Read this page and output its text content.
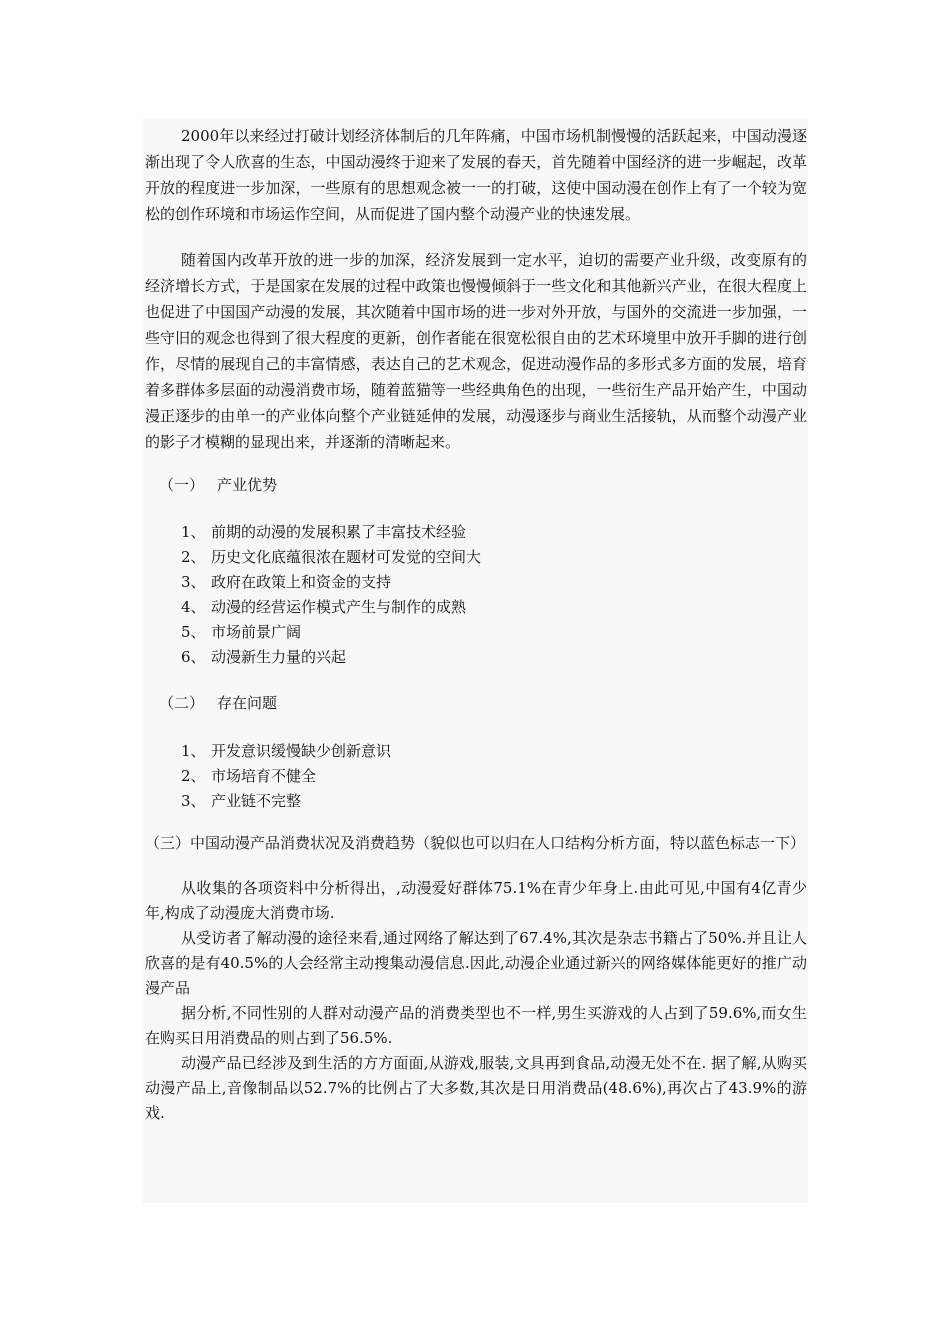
2000年以来经过打破计划经济体制后的几年阵痛，中国市场机制慢慢的活跃起来，中国动漫逐渐出现了令人欣喜的生态，中国动漫终于迎来了发展的春天，首先随着中国经济的进一步崛起，改革开放的程度进一步加深，一些原有的思想观念被一一的打破，这使中国动漫在创作上有了一个较为宽松的创作环境和市场运作空间，从而促进了国内整个动漫产业的快速发展。

随着国内改革开放的进一步的加深，经济发展到一定水平，迫切的需要产业升级，改变原有的经济增长方式，于是国家在发展的过程中政策也慢慢倾斜于一些文化和其他新兴产业，在很大程度上也促进了中国国产动漫的发展，其次随着中国市场的进一步对外开放，与国外的交流进一步加强，一些守旧的观念也得到了很大程度的更新，创作者能在很宽松很自由的艺术环境里中放开手脚的进行创作，尽情的展现自己的丰富情感，表达自己的艺术观念，促进动漫作品的多形式多方面的发展，培育着多群体多层面的动漫消费市场，随着蓝猫等一些经典角色的出现，一些衍生产品开始产生，中国动漫正逐步的由单一的产业体向整个产业链延伸的发展，动漫逐步与商业生活接轨，从而整个动漫产业的影子才模糊的显现出来，并逐渐的清晰起来。

（一） 产业优势
1、 前期的动漫的发展积累了丰富技术经验
2、 历史文化底蕴很浓在题材可发觉的空间大
3、 政府在政策上和资金的支持
4、 动漫的经营运作模式产生与制作的成熟
5、 市场前景广阔
6、 动漫新生力量的兴起
（二） 存在问题
1、 开发意识缓慢缺少创新意识
2、 市场培育不健全
3、 产业链不完整

（三）中国动漫产品消费状况及消费趋势（貌似也可以归在人口结构分析方面，特以蓝色标志一下）

从收集的各项资料中分析得出，,动漫爱好群体75.1%在青少年身上.由此可见,中国有4亿青少年,构成了动漫庞大消费市场.

从受访者了解动漫的途径来看,通过网络了解达到了67.4%,其次是杂志书籍占了50%.并且让人欣喜的是有40.5%的人会经常主动搜集动漫信息.因此,动漫企业通过新兴的网络媒体能更好的推广动漫产品

据分析,不同性别的人群对动漫产品的消费类型也不一样,男生买游戏的人占到了59.6%,而女生在购买日用消费品的则占到了56.5%.

动漫产品已经涉及到生活的方方面面,从游戏,服装,文具再到食品,动漫无处不在. 据了解,从购买动漫产品上,音像制品以52.7%的比例占了大多数,其次是日用消费品(48.6%),再次占了43.9%的游戏.
